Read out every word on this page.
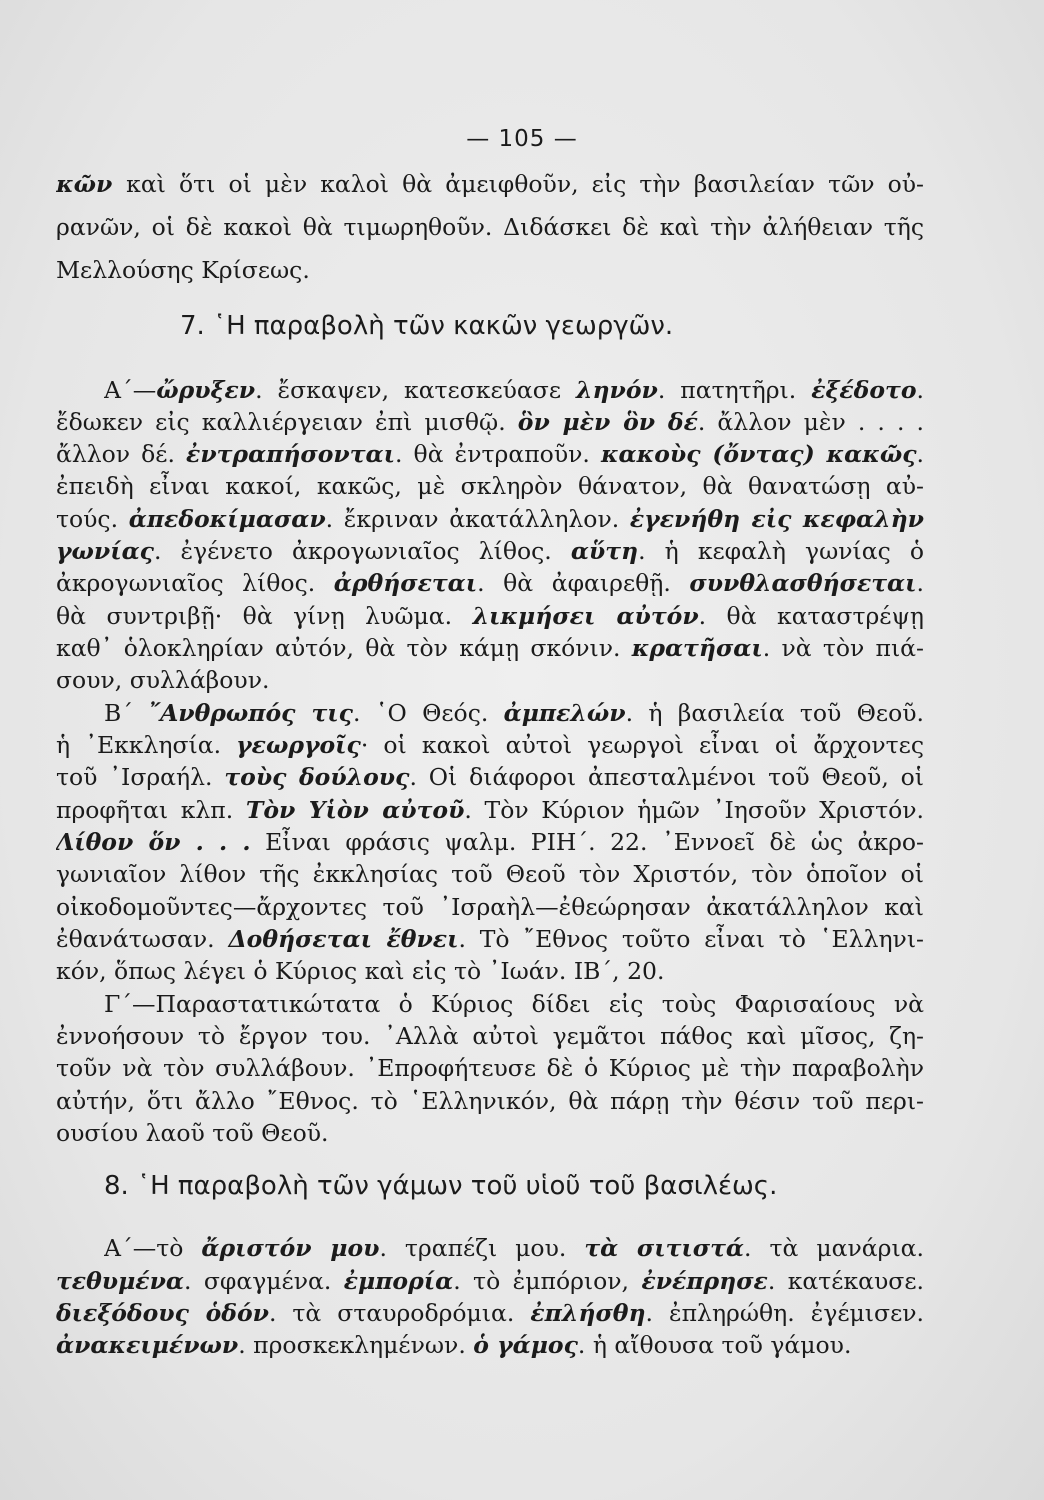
— 105 —
κῶν καὶ ὅτι οἱ μὲν καλοὶ θὰ ἀμειφθοῦν, εἰς τὴν βασιλείαν τῶν οὐ-
ρανῶν, οἱ δὲ κακοὶ θὰ τιμωρηθοῦν. Διδάσκει δὲ καὶ τὴν ἀλήθειαν τῆς
Μελλούσης Κρίσεως.
7. ῾Η παραβολὴ τῶν κακῶν γεωργῶν.
Α΄—ὤρυξεν. ἔσκαψεν, κατεσκεύασε ληνόν. πατητῆρι. ἐξέδοτο.
ἔδωκεν εἰς καλλιέργειαν ἐπὶ μισθῷ. ὃν μὲν ὃν δέ. ἄλλον μὲν . . . .
ἄλλον δέ. ἐντραπήσονται. θὰ ἐντραποῦν. κακοὺς (ὄντας) κακῶς.
ἐπειδὴ εἶναι κακοί, κακῶς, μὲ σκληρὸν θάνατον, θὰ θανατώσῃ αὐ-
τούς. ἀπεδοκίμασαν. ἔκριναν ἀκατάλληλον. ἐγενήθη εἰς κεφαλὴν
γωνίας. ἐγένετο ἀκρογωνιαῖος λίθος. αὕτη. ἡ κεφαλὴ γωνίας ὁ
ἀκρογωνιαῖος λίθος. ἀρθήσεται. θὰ ἀφαιρεθῇ. συνθλασθήσεται.
θὰ συντριβῇ· θὰ γίνῃ λυῶμα. λικμήσει αὐτόν. θὰ καταστρέψῃ
καθ᾽ ὁλοκληρίαν αὐτόν, θὰ τὸν κάμῃ σκόνιν. κρατῆσαι. νὰ τὸν πιά-
σουν, συλλάβουν.
Β΄ ῎Ανθρωπός τις. ῾Ο Θεός. ἀμπελών. ἡ βασιλεία τοῦ Θεοῦ.
ἡ ᾽Εκκλησία. γεωργοῖς· οἱ κακοὶ αὐτοὶ γεωργοὶ εἶναι οἱ ἄρχοντες
τοῦ ᾽Ισραήλ. τοὺς δούλους. Οἱ διάφοροι ἀπεσταλμένοι τοῦ Θεοῦ, οἱ
προφῆται κλπ. Τὸν Υἱὸν αὐτοῦ. Τὸν Κύριον ἡμῶν ᾽Ιησοῦν Χριστόν.
Λίθον ὅν . . . Εἶναι φράσις ψαλμ. ΡΙΗ΄. 22. ᾽Εννοεῖ δὲ ὡς ἀκρο-
γωνιαῖον λίθον τῆς ἐκκλησίας τοῦ Θεοῦ τὸν Χριστόν, τὸν ὁποῖον οἱ
οἰκοδομοῦντες—ἄρχοντες τοῦ ᾽Ισραὴλ—ἐθεώρησαν ἀκατάλληλον καὶ
ἐθανάτωσαν. Δοθήσεται ἔθνει. Τὸ ῎Εθνος τοῦτο εἶναι τὸ ῾Ελληνι-
κόν, ὅπως λέγει ὁ Κύριος καὶ εἰς τὸ ᾽Ιωάν. ΙΒ΄, 20.
Γ΄—Παραστατικώτατα ὁ Κύριος δίδει εἰς τοὺς Φαρισαίους νὰ
ἐννοήσουν τὸ ἔργον του. ᾽Αλλὰ αὐτοὶ γεμᾶτοι πάθος καὶ μῖσος, ζη-
τοῦν νὰ τὸν συλλάβουν. ᾽Επροφήτευσε δὲ ὁ Κύριος μὲ τὴν παραβολὴν
αὐτήν, ὅτι ἄλλο ῎Εθνος. τὸ ῾Ελληνικόν, θὰ πάρῃ τὴν θέσιν τοῦ περι-
ουσίου λαοῦ τοῦ Θεοῦ.
8. ῾Η παραβολὴ τῶν γάμων τοῦ υἱοῦ τοῦ βασιλέως.
Α΄—τὸ ἄριστόν μου. τραπέζι μου. τὰ σιτιστά. τὰ μανάρια.
τεθυμένα. σφαγμένα. ἐμπορία. τὸ ἐμπόριον, ἐνέπρησε. κατέκαυσε.
διεξόδους ὁδόν. τὰ σταυροδρόμια. ἐπλήσθη. ἐπληρώθη. ἐγέμισεν.
ἀνακειμένων. προσκεκλημένων. ὁ γάμος. ἡ αἴθουσα τοῦ γάμου.
